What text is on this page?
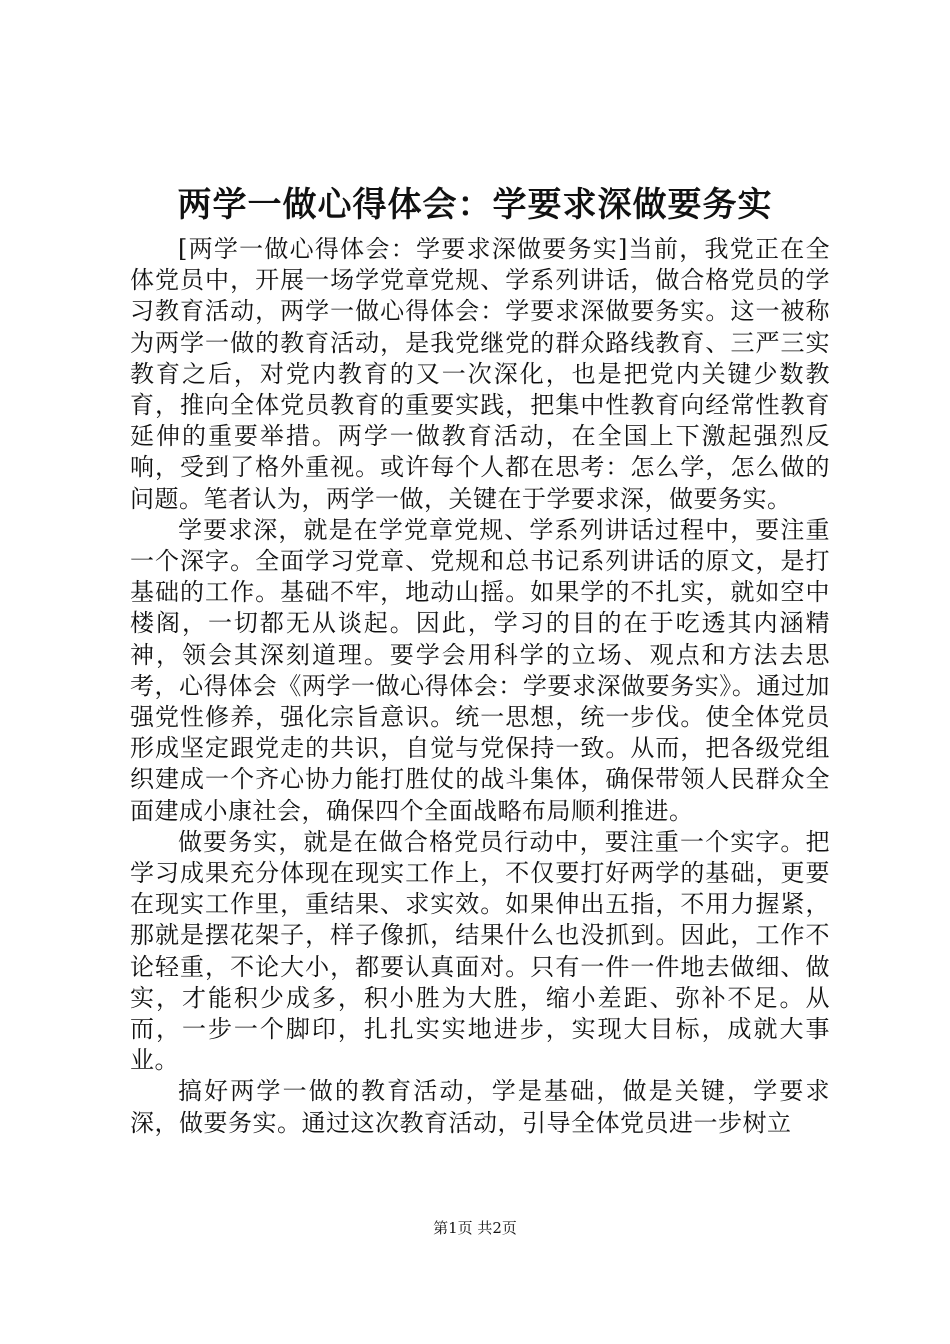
两学一做心得体会：学要求深做要务实

[两学一做心得体会：学要求深做要务实]当前，我党正在全体党员中，开展一场学党章党规、学系列讲话，做合格党员的学习教育活动，两学一做心得体会：学要求深做要务实。这一被称为两学一做的教育活动，是我党继党的群众路线教育、三严三实教育之后，对党内教育的又一次深化，也是把党内关键少数教育，推向全体党员教育的重要实践，把集中性教育向经常性教育延伸的重要举措。两学一做教育活动，在全国上下激起强烈反响，受到了格外重视。或许每个人都在思考：怎么学，怎么做的问题。笔者认为，两学一做，关键在于学要求深，做要务实。

学要求深，就是在学党章党规、学系列讲话过程中，要注重一个深字。全面学习党章、党规和总书记系列讲话的原文，是打基础的工作。基础不牢，地动山摇。如果学的不扎实，就如空中楼阁，一切都无从谈起。因此，学习的目的在于吃透其内涵精神，领会其深刻道理。要学会用科学的立场、观点和方法去思考，心得体会《两学一做心得体会：学要求深做要务实》。通过加强党性修养，强化宗旨意识。统一思想，统一步伐。使全体党员形成坚定跟党走的共识，自觉与党保持一致。从而，把各级党组织建成一个齐心协力能打胜仗的战斗集体，确保带领人民群众全面建成小康社会，确保四个全面战略布局顺利推进。

做要务实，就是在做合格党员行动中，要注重一个实字。把学习成果充分体现在现实工作上，不仅要打好两学的基础，更要在现实工作里，重结果、求实效。如果伸出五指，不用力握紧，那就是摆花架子，样子像抓，结果什么也没抓到。因此，工作不论轻重，不论大小，都要认真面对。只有一件一件地去做细、做实，才能积少成多，积小胜为大胜，缩小差距、弥补不足。从而，一步一个脚印，扎扎实实地进步，实现大目标，成就大事业。

搞好两学一做的教育活动，学是基础，做是关键，学要求深，做要务实。通过这次教育活动，引导全体党员进一步树立

第1页 共2页
